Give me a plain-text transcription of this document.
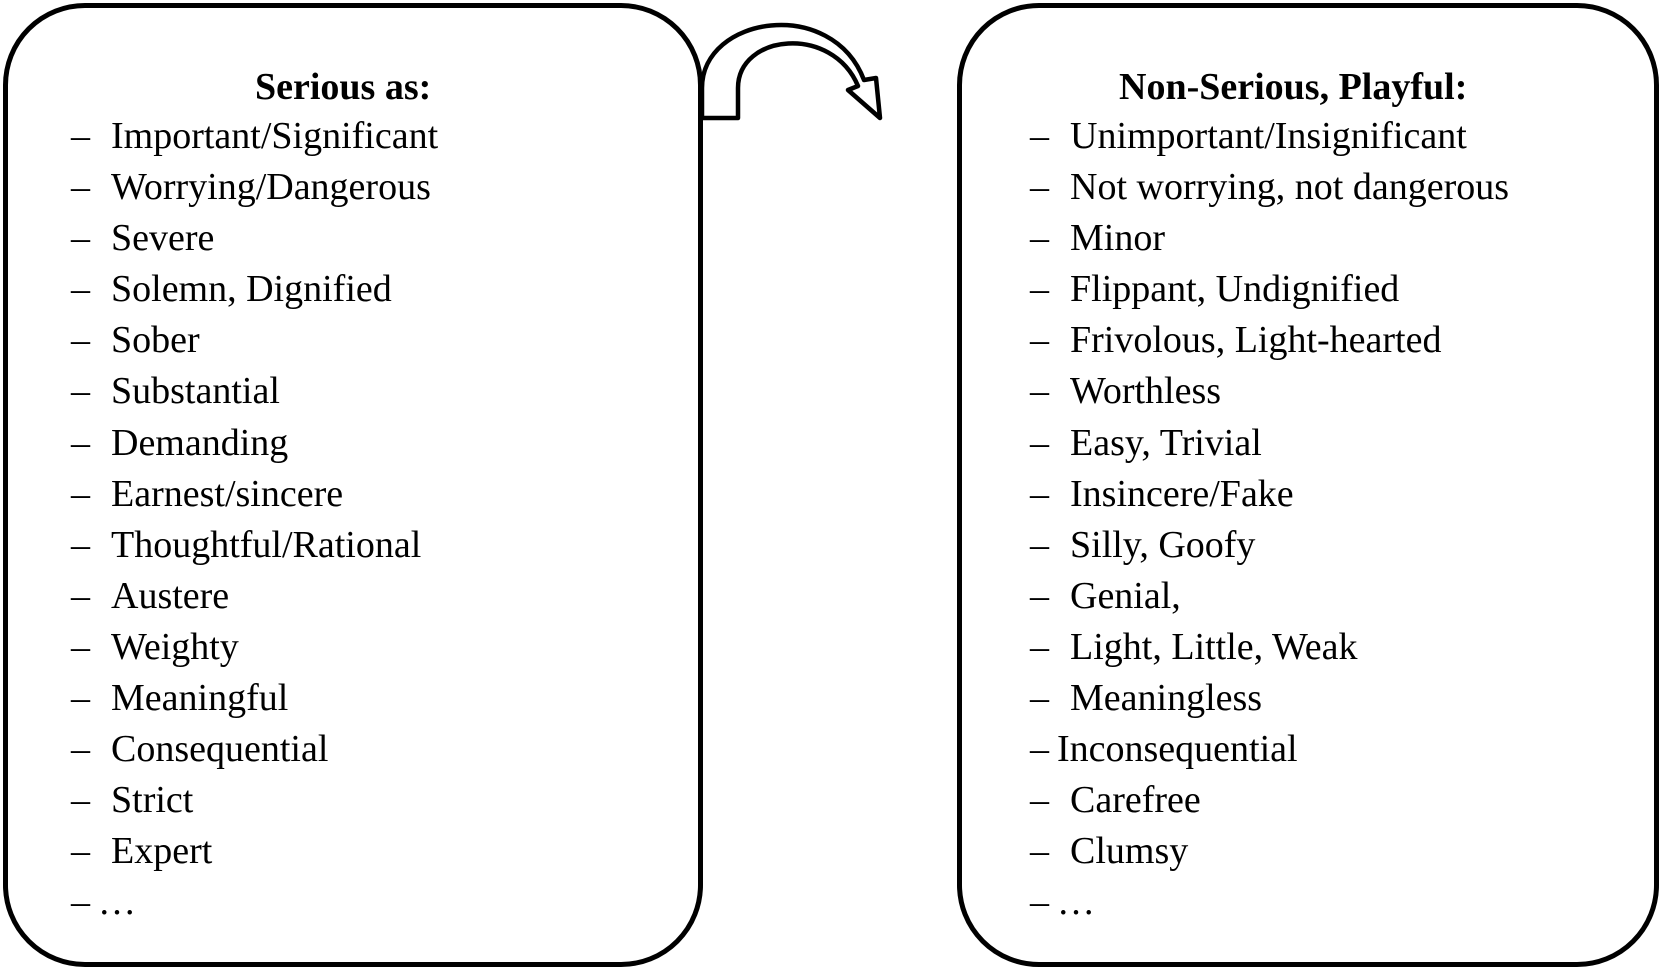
Serious as:
– Important/Significant
– Worrying/Dangerous
– Severe
– Solemn, Dignified
– Sober
– Substantial
– Demanding
– Earnest/sincere
– Thoughtful/Rational
– Austere
– Weighty
– Meaningful
– Consequential
– Strict
– Expert
– …
Non-Serious, Playful:
– Unimportant/Insignificant
– Not worrying, not dangerous
– Minor
– Flippant, Undignified
– Frivolous, Light-hearted
– Worthless
– Easy, Trivial
– Insincere/Fake
– Silly, Goofy
– Genial,
– Light, Little, Weak
– Meaningless
– Inconsequential
– Carefree
– Clumsy
– …
